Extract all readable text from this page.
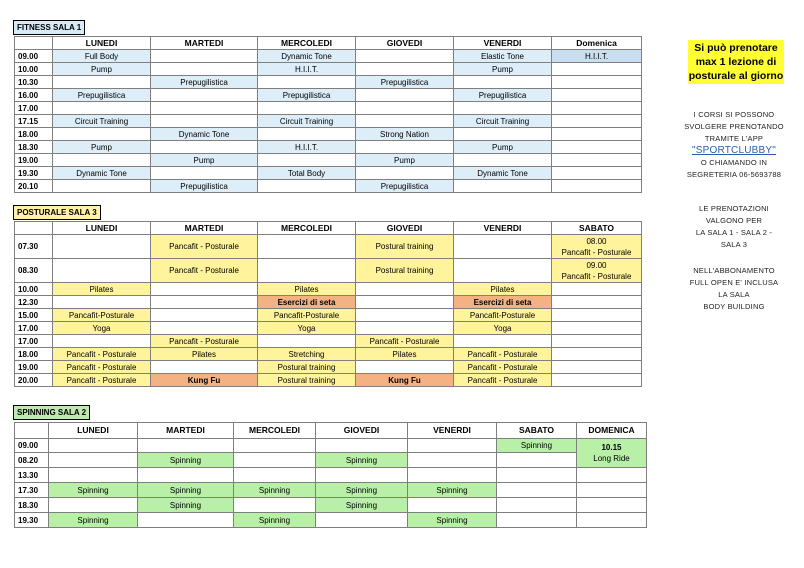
FITNESS SALA 1
	LUNEDI	MARTEDI	MERCOLEDI	GIOVEDI	VENERDI	Domenica
09.00	Full Body		Dynamic Tone		Elastic Tone	H.I.I.T.
10.00	Pump		H.I.I.T.		Pump	
10.30		Prepugilistica		Prepugilistica		
16.00	Prepugilistica		Prepugilistica		Prepugilistica	
17.00						
17.15	Circuit Training		Circuit Training		Circuit Training	
18.00		Dynamic Tone		Strong Nation		
18.30	Pump		H.I.I.T.		Pump	
19.00		Pump		Pump		
19.30	Dynamic Tone		Total Body		Dynamic Tone	
20.10		Prepugilistica		Prepugilistica		
POSTURALE SALA 3
	LUNEDI	MARTEDI	MERCOLEDI	GIOVEDI	VENERDI	SABATO
07.30		Pancafit - Posturale		Postural training		08.00
Pancafit - Posturale

08.30		Pancafit - Posturale		Postural training		09.00
Pancafit - Posturale

10.00	Pilates		Pilates		Pilates	
12.30			Esercizi di seta		Esercizi di seta	
15.00	Pancafit-Posturale		Pancafit-Posturale		Pancafit-Posturale	
17.00	Yoga		Yoga		Yoga	
17.00		Pancafit - Posturale		Pancafit - Posturale		
18.00	Pancafit - Posturale	Pilates	Stretching	Pilates	Pancafit - Posturale	
19.00	Pancafit - Posturale		Postural training		Pancafit - Posturale	
20.00	Pancafit - Posturale	Kung Fu	Postural training	Kung Fu	Pancafit - Posturale	
SPINNING SALA 2
	LUNEDI	MARTEDI	MERCOLEDI	GIOVEDI	VENERDI	SABATO	DOMENICA
09.00						Spinning	10.15
Long Ride

08.20		Spinning		Spinning			
13.30							
17.30	Spinning	Spinning	Spinning	Spinning	Spinning		
18.30		Spinning		Spinning			
19.30	Spinning		Spinning		Spinning		
Si può prenotare
max 1 lezione di
posturale al giorno
I CORSI SI POSSONO
SVOLGERE PRENOTANDO
TRAMITE L'APP
"SPORTCLUBBY"
O CHIAMANDO IN
SEGRETERIA 06-5693788
LE PRENOTAZIONI
VALGONO PER
LA SALA 1 - SALA 2 -
SALA 3
NELL'ABBONAMENTO
FULL OPEN E' INCLUSA
LA SALA
BODY BUILDING
